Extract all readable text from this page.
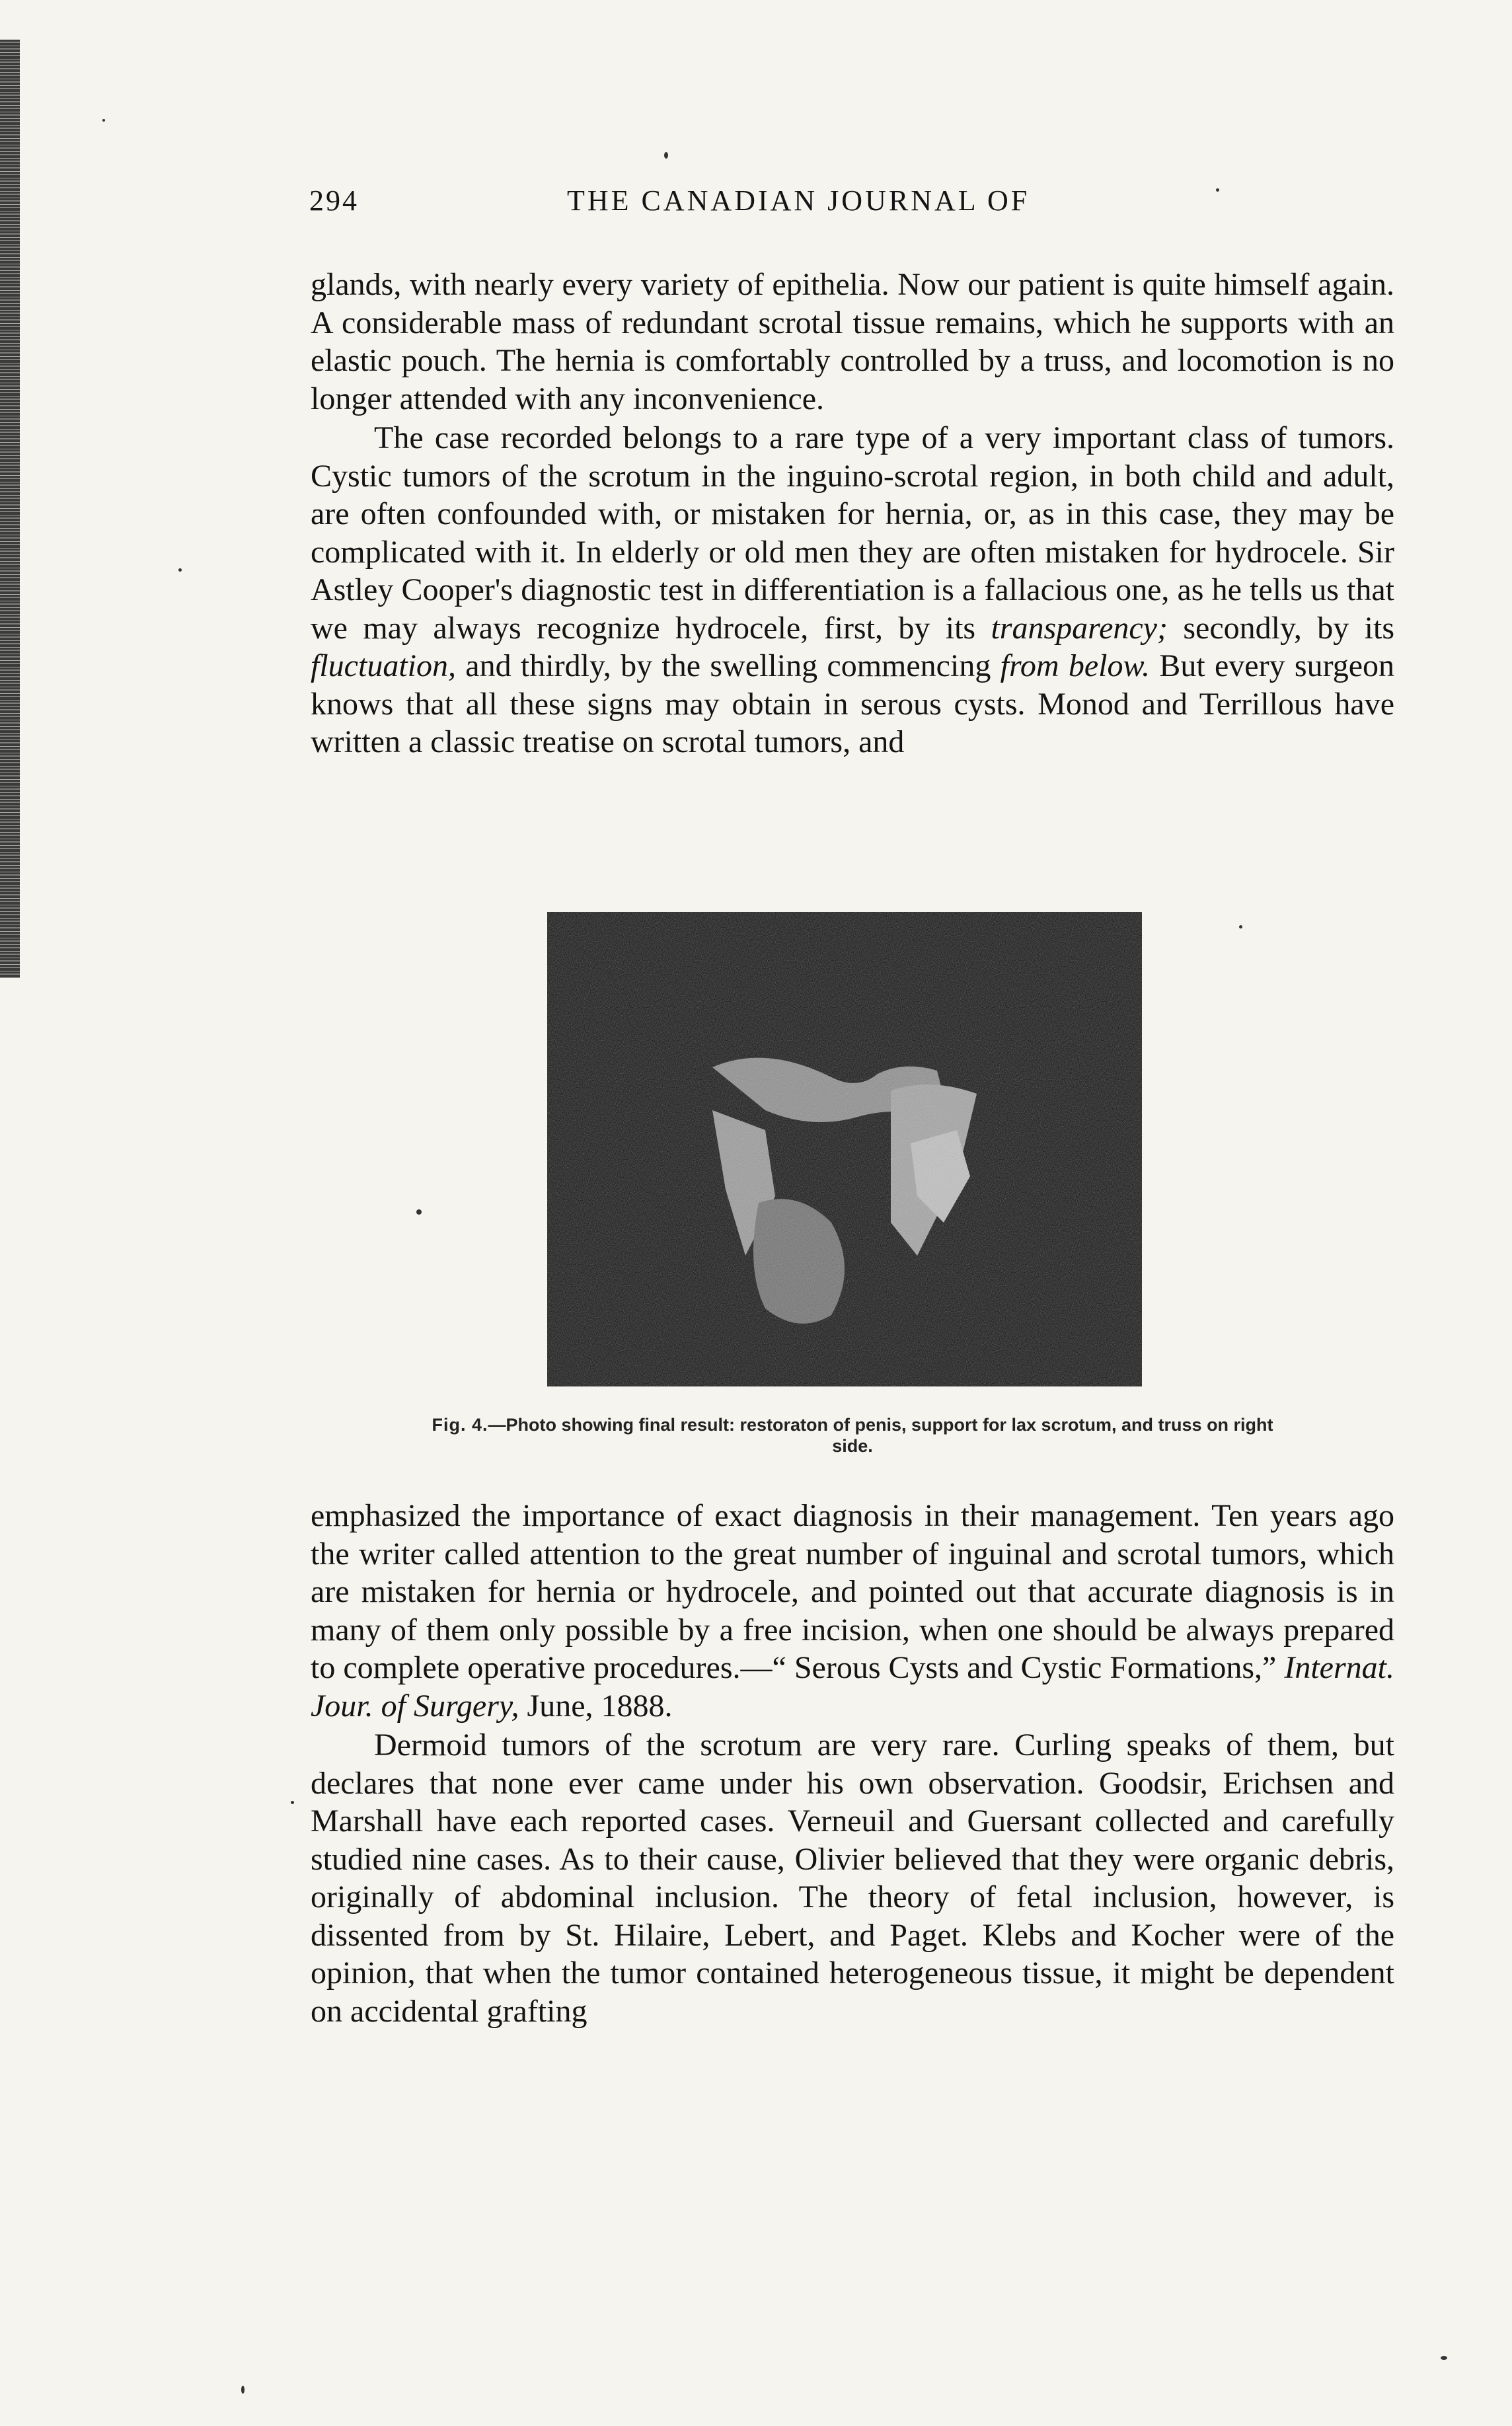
294	THE CANADIAN JOURNAL OF

glands, with nearly every variety of epithelia. Now our patient is quite himself again. A considerable mass of redundant scrotal tissue remains, which he supports with an elastic pouch. The hernia is comfortably controlled by a truss, and locomotion is no longer attended with any inconvenience.

The case recorded belongs to a rare type of a very important class of tumors. Cystic tumors of the scrotum in the inguino-scrotal region, in both child and adult, are often confounded with, or mistaken for hernia, or, as in this case, they may be complicated with it. In elderly or old men they are often mistaken for hydrocele. Sir Astley Cooper's diagnostic test in differentiation is a fallacious one, as he tells us that we may always recognize hydrocele, first, by its transparency; secondly, by its fluctuation, and thirdly, by the swelling commencing from below. But every surgeon knows that all these signs may obtain in serous cysts. Monod and Terrillous have written a classic treatise on scrotal tumors, and

Fig. 4.—Photo showing final result: restoraton of penis, support for lax scrotum, and truss on right side.

emphasized the importance of exact diagnosis in their management. Ten years ago the writer called attention to the great number of inguinal and scrotal tumors, which are mistaken for hernia or hydrocele, and pointed out that accurate diagnosis is in many of them only possible by a free incision, when one should be always prepared to complete operative procedures.—“ Serous Cysts and Cystic Formations,” Internat. Jour. of Surgery, June, 1888.

Dermoid tumors of the scrotum are very rare. Curling speaks of them, but declares that none ever came under his own observation. Goodsir, Erichsen and Marshall have each reported cases. Verneuil and Guersant collected and carefully studied nine cases. As to their cause, Olivier believed that they were organic debris, originally of abdominal inclusion. The theory of fetal inclusion, however, is dissented from by St. Hilaire, Lebert, and Paget. Klebs and Kocher were of the opinion, that when the tumor contained heterogeneous tissue, it might be dependent on accidental grafting
